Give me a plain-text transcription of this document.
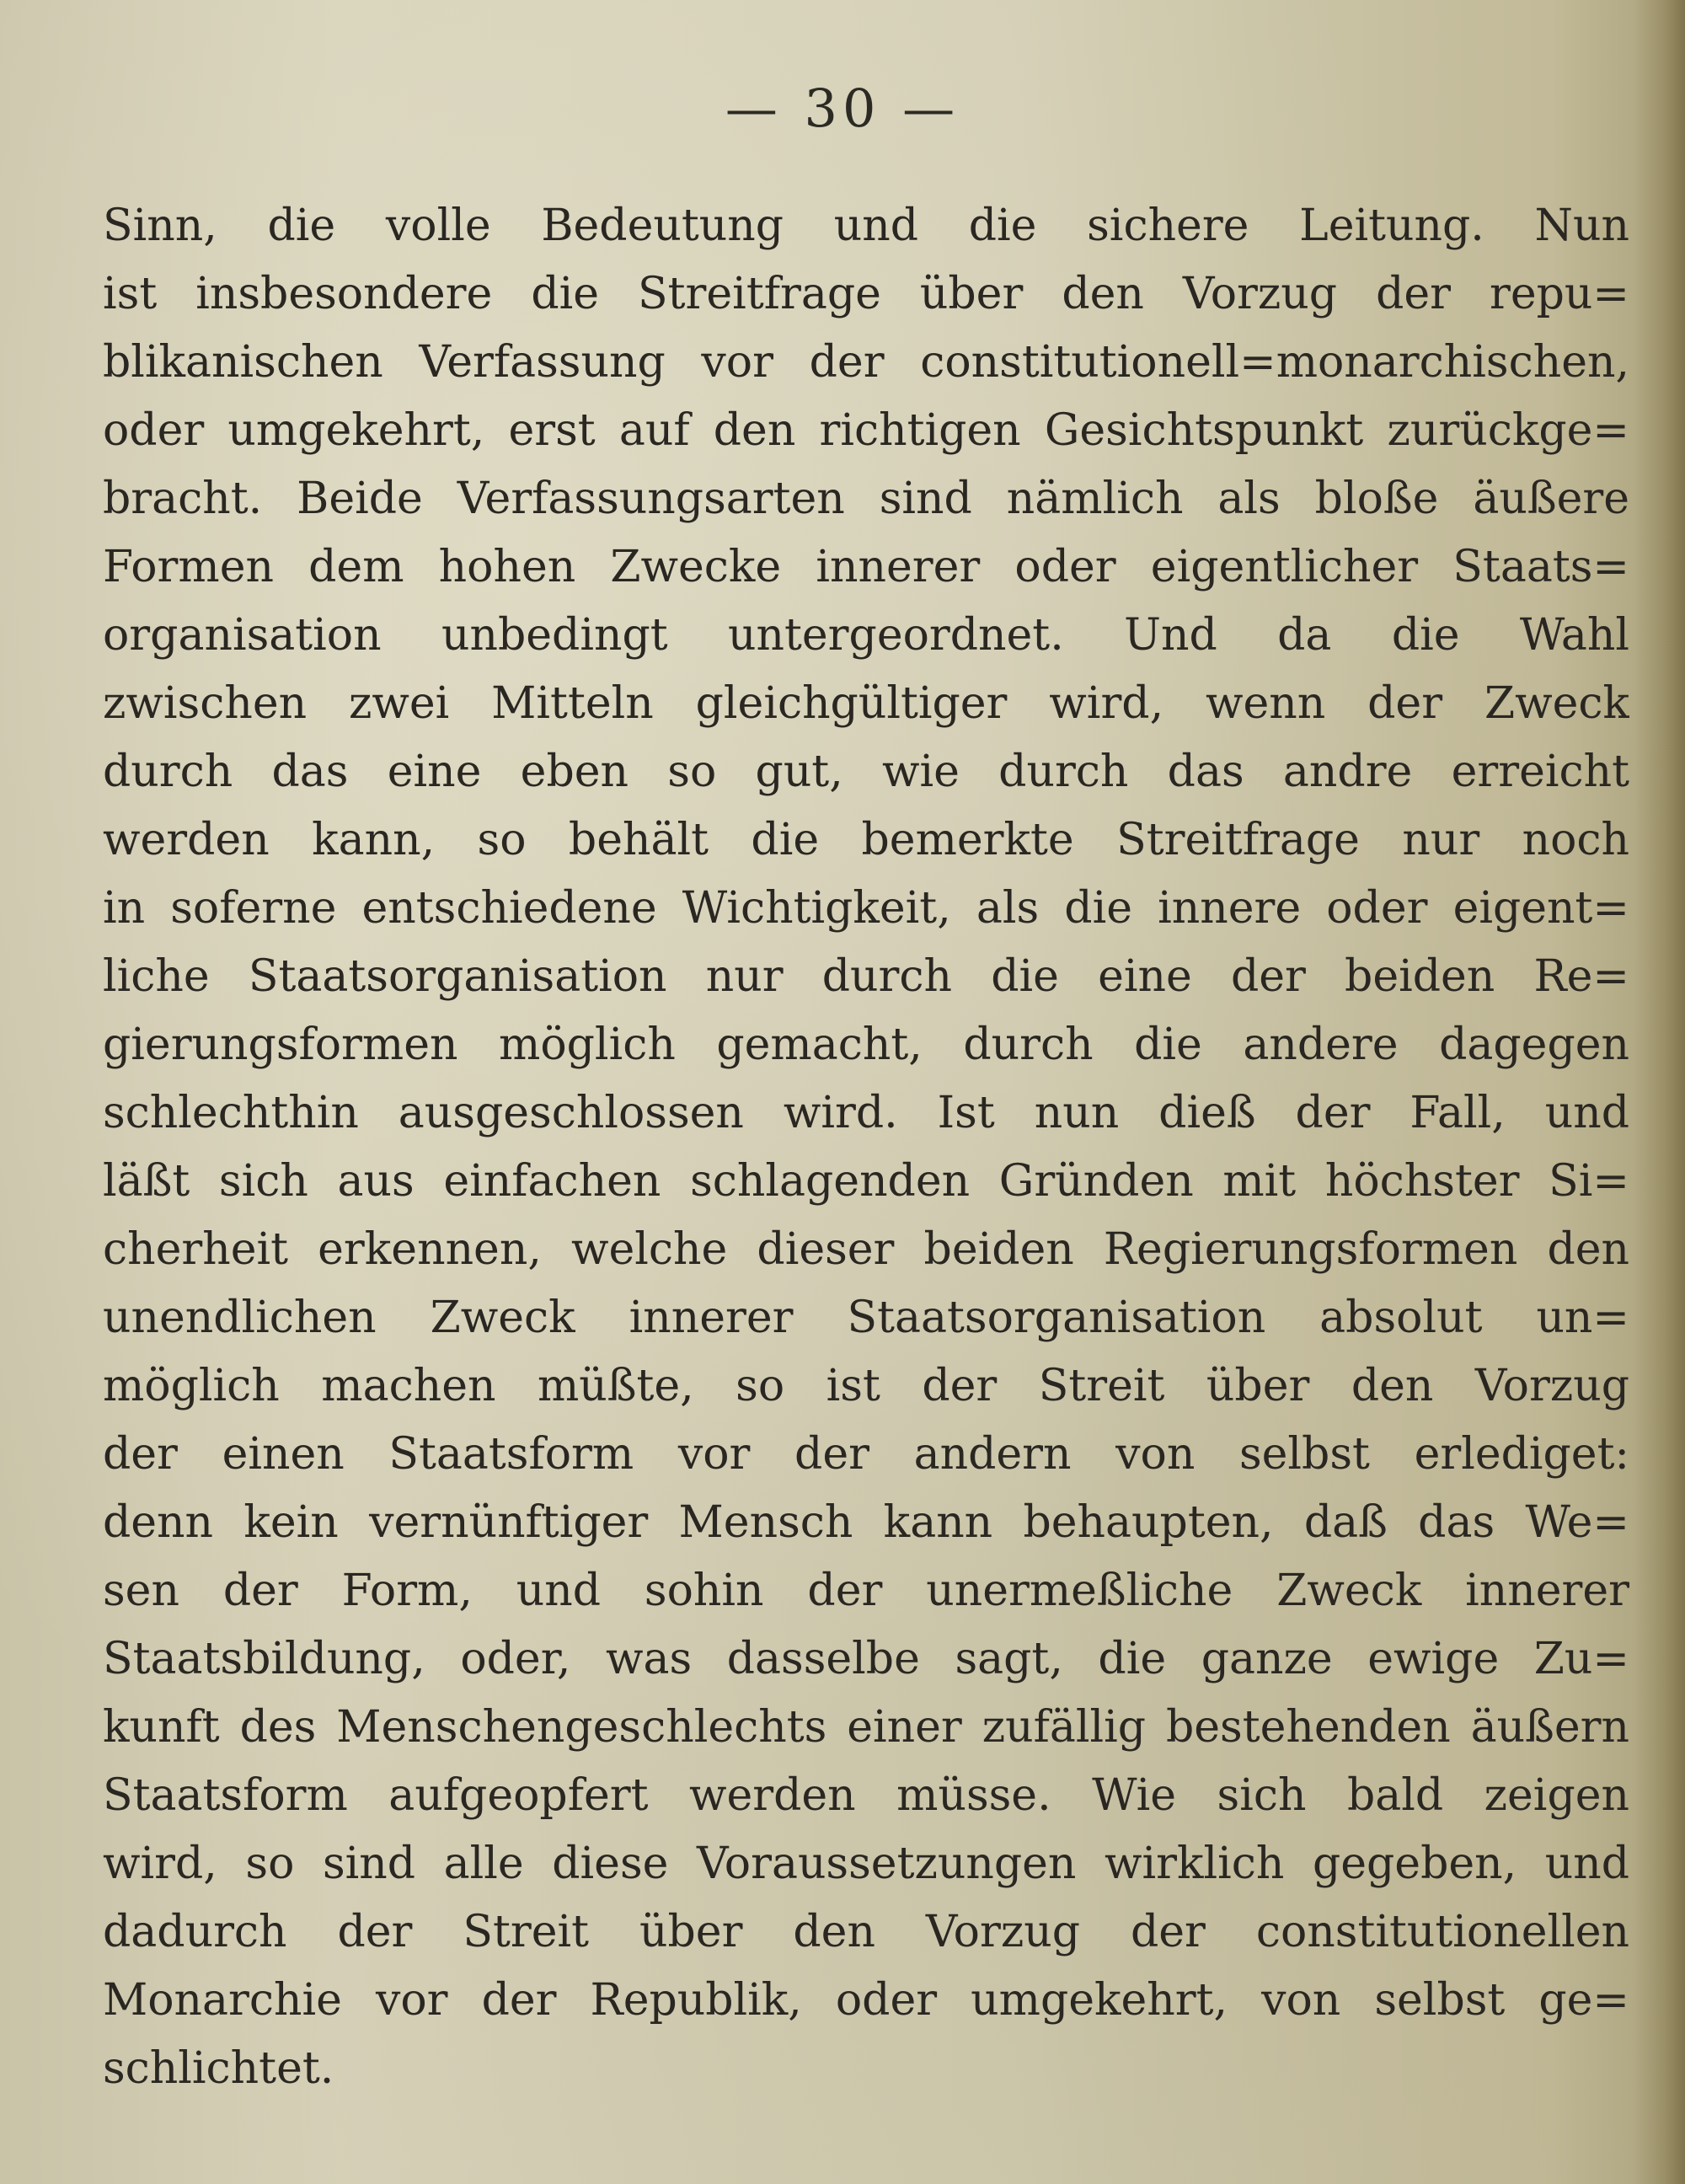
— 30 —
Sinn, die volle Bedeutung und die sichere Leitung. Nun
ist insbesondere die Streitfrage über den Vorzug der repu=
blikanischen Verfassung vor der constitutionell=monarchischen,
oder umgekehrt, erst auf den richtigen Gesichtspunkt zurückge=
bracht. Beide Verfassungsarten sind nämlich als bloße äußere
Formen dem hohen Zwecke innerer oder eigentlicher Staats=
organisation unbedingt untergeordnet. Und da die Wahl
zwischen zwei Mitteln gleichgültiger wird, wenn der Zweck
durch das eine eben so gut, wie durch das andre erreicht
werden kann, so behält die bemerkte Streitfrage nur noch
in soferne entschiedene Wichtigkeit, als die innere oder eigent=
liche Staatsorganisation nur durch die eine der beiden Re=
gierungsformen möglich gemacht, durch die andere dagegen
schlechthin ausgeschlossen wird. Ist nun dieß der Fall, und
läßt sich aus einfachen schlagenden Gründen mit höchster Si=
cherheit erkennen, welche dieser beiden Regierungsformen den
unendlichen Zweck innerer Staatsorganisation absolut un=
möglich machen müßte, so ist der Streit über den Vorzug
der einen Staatsform vor der andern von selbst erlediget:
denn kein vernünftiger Mensch kann behaupten, daß das We=
sen der Form, und sohin der unermeßliche Zweck innerer
Staatsbildung, oder, was dasselbe sagt, die ganze ewige Zu=
kunft des Menschengeschlechts einer zufällig bestehenden äußern
Staatsform aufgeopfert werden müsse. Wie sich bald zeigen
wird, so sind alle diese Voraussetzungen wirklich gegeben, und
dadurch der Streit über den Vorzug der constitutionellen
Monarchie vor der Republik, oder umgekehrt, von selbst ge=
schlichtet.
